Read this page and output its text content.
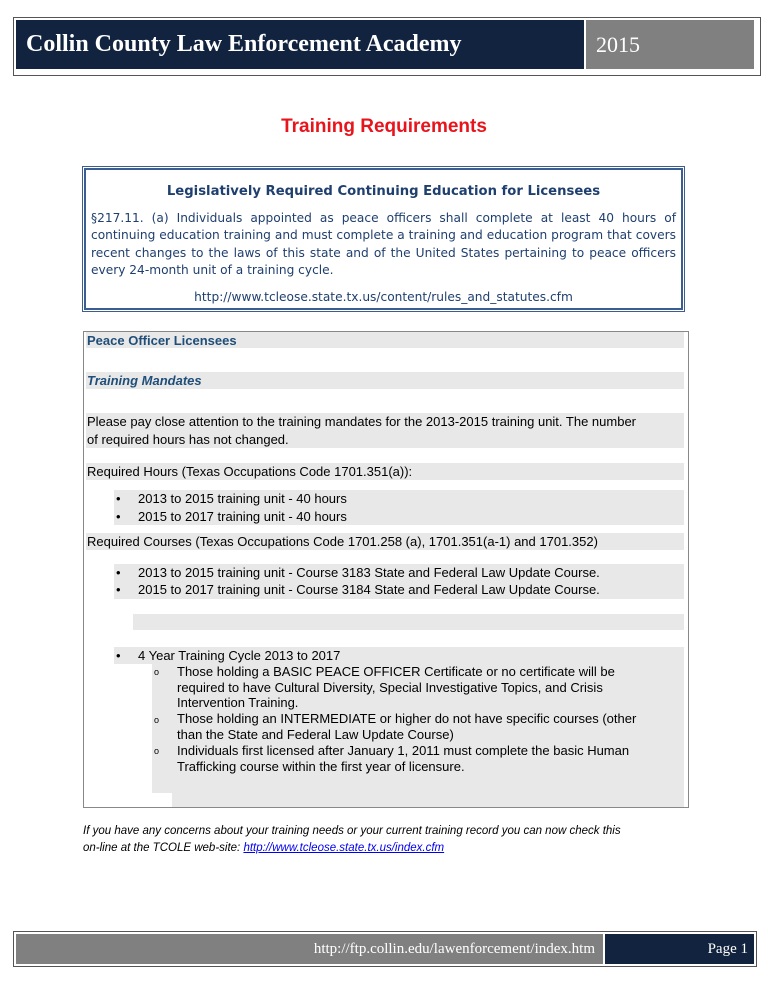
Collin County Law Enforcement Academy	2015
Training Requirements
Legislatively Required Continuing Education for Licensees
§217.11. (a) Individuals appointed as peace officers shall complete at least 40 hours of continuing education training and must complete a training and education program that covers recent changes to the laws of this state and of the United States pertaining to peace officers every 24-month unit of a training cycle.
http://www.tcleose.state.tx.us/content/rules_and_statutes.cfm
Peace Officer Licensees
Training Mandates
Please pay close attention to the training mandates for the 2013-2015 training unit. The number
of required hours has not changed.
Required Hours (Texas Occupations Code 1701.351(a)):
• 2013 to 2015 training unit - 40 hours
• 2015 to 2017 training unit - 40 hours
Required Courses (Texas Occupations Code 1701.258 (a), 1701.351(a-1) and 1701.352)
• 2013 to 2015 training unit - Course 3183 State and Federal Law Update Course.
• 2015 to 2017 training unit - Course 3184 State and Federal Law Update Course.
• 4 Year Training Cycle 2013 to 2017
o Those holding a BASIC PEACE OFFICER Certificate or no certificate will be
required to have Cultural Diversity, Special Investigative Topics, and Crisis
Intervention Training.
o Those holding an INTERMEDIATE or higher do not have specific courses (other
than the State and Federal Law Update Course)
o Individuals first licensed after January 1, 2011 must complete the basic Human
Trafficking course within the first year of licensure.
If you have any concerns about your training needs or your current training record you can now check this
on-line at the TCOLE web-site: http://www.tcleose.state.tx.us/index.cfm
http://ftp.collin.edu/lawenforcement/index.htm	Page 1
